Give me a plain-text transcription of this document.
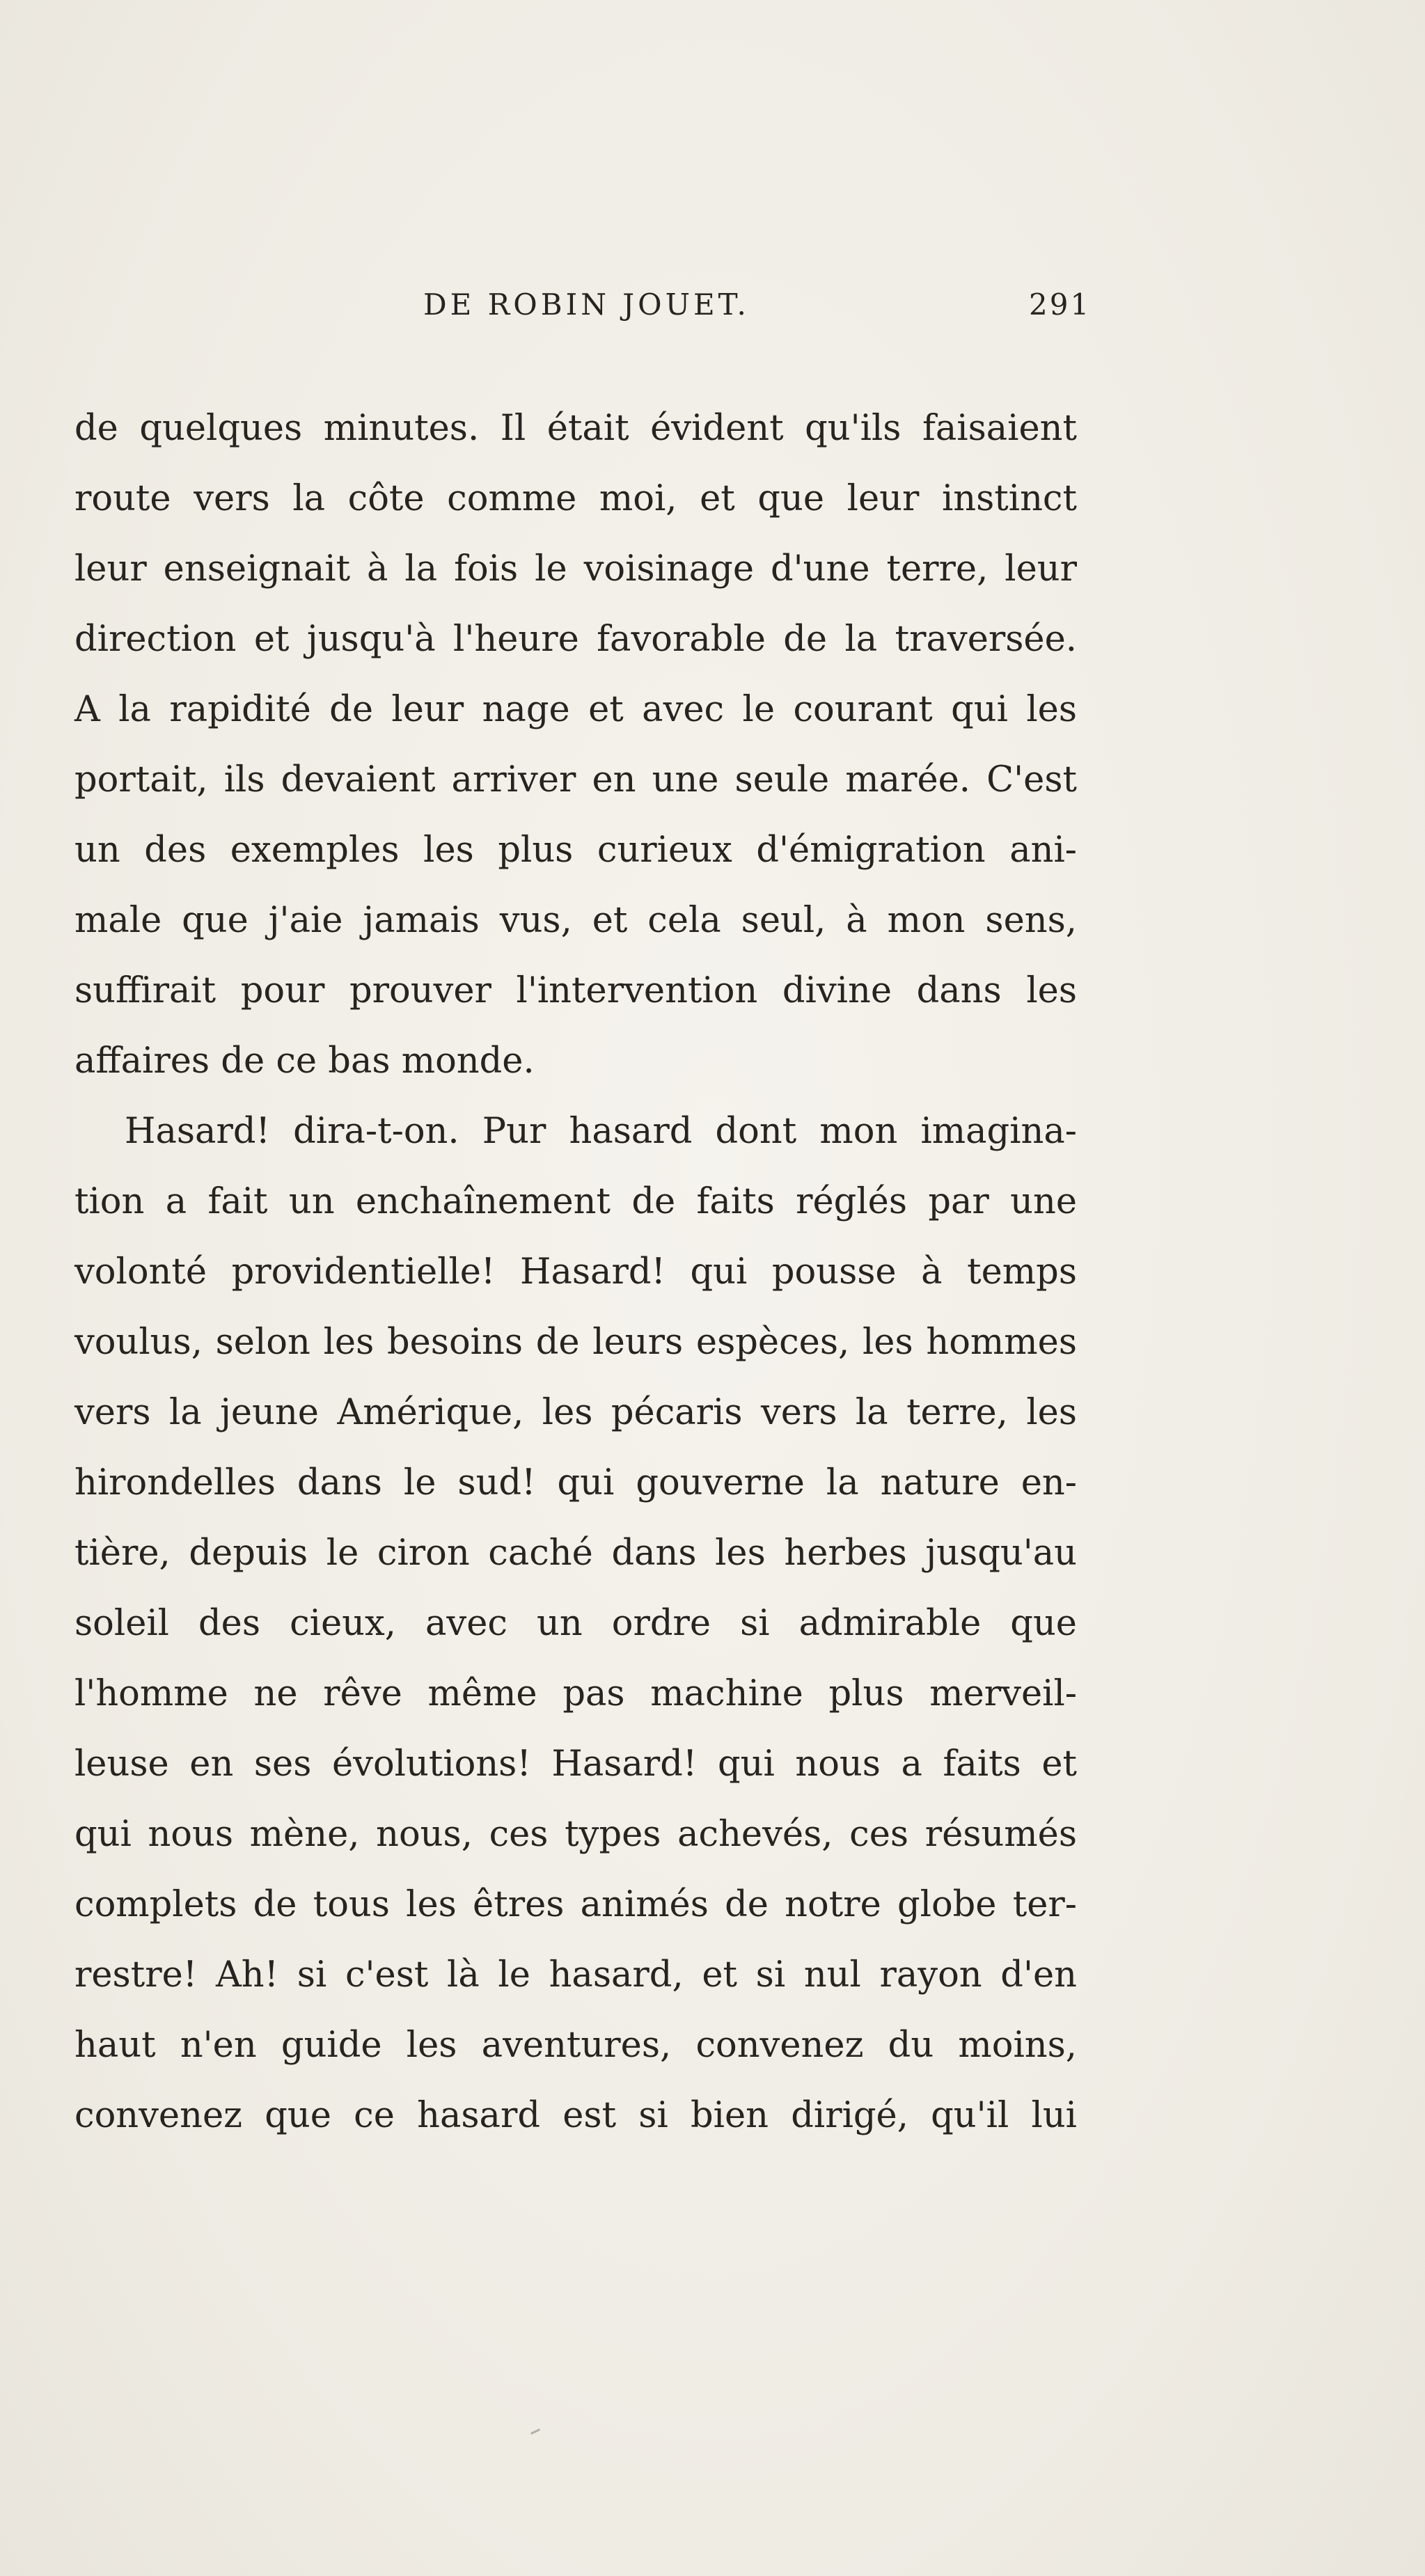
DE ROBIN JOUET.	291
de quelques minutes. Il était évident qu'ils faisaient
route vers la côte comme moi, et que leur instinct
leur enseignait à la fois le voisinage d'une terre, leur
direction et jusqu'à l'heure favorable de la traversée.
A la rapidité de leur nage et avec le courant qui les
portait, ils devaient arriver en une seule marée. C'est
un des exemples les plus curieux d'émigration ani-
male que j'aie jamais vus, et cela seul, à mon sens,
suffirait pour prouver l'intervention divine dans les
affaires de ce bas monde.
Hasard! dira-t-on. Pur hasard dont mon imagina-
tion a fait un enchaînement de faits réglés par une
volonté providentielle! Hasard! qui pousse à temps
voulus, selon les besoins de leurs espèces, les hommes
vers la jeune Amérique, les pécaris vers la terre, les
hirondelles dans le sud! qui gouverne la nature en-
tière, depuis le ciron caché dans les herbes jusqu'au
soleil des cieux, avec un ordre si admirable que
l'homme ne rêve même pas machine plus merveil-
leuse en ses évolutions! Hasard! qui nous a faits et
qui nous mène, nous, ces types achevés, ces résumés
complets de tous les êtres animés de notre globe ter-
restre! Ah! si c'est là le hasard, et si nul rayon d'en
haut n'en guide les aventures, convenez du moins,
convenez que ce hasard est si bien dirigé, qu'il lui
